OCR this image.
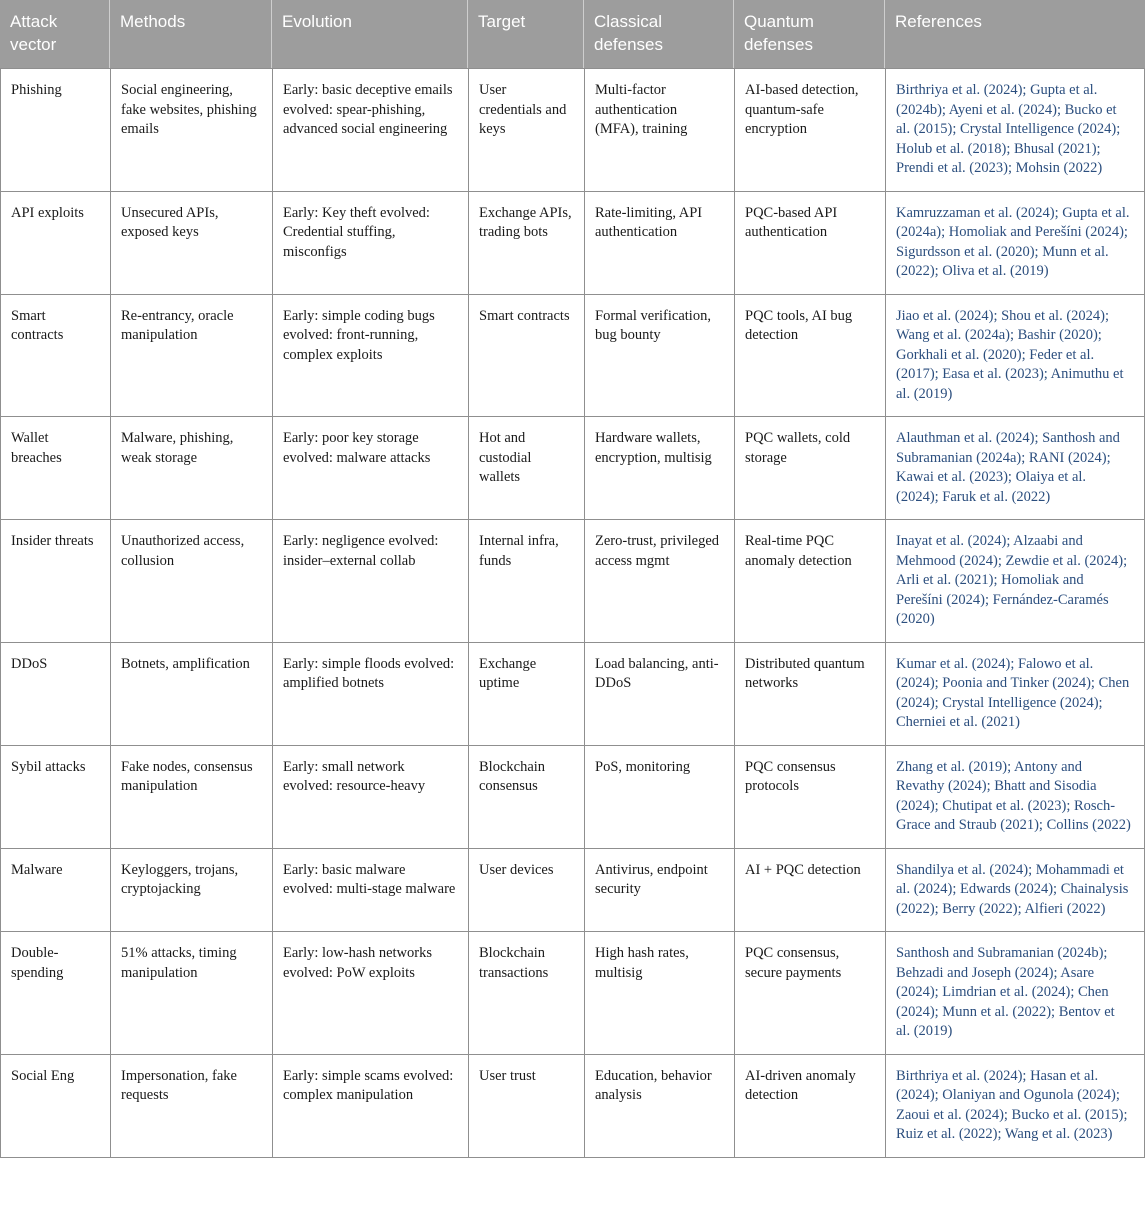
Attack vector	Methods	Evolution	Target	Classical defenses	Quantum defenses	References
Phishing	Social engineering, fake websites, phishing emails	Early: basic deceptive emails evolved: spear-phishing, advanced social engineering	User credentials and keys	Multi-factor authentication (MFA), training	AI-based detection, quantum-safe encryption	Birthriya et al. (2024); Gupta et al. (2024b); Ayeni et al. (2024); Bucko et al. (2015); Crystal Intelligence (2024); Holub et al. (2018); Bhusal (2021); Prendi et al. (2023); Mohsin (2022)
API exploits	Unsecured APIs, exposed keys	Early: Key theft evolved: Credential stuffing, misconfigs	Exchange APIs, trading bots	Rate-limiting, API authentication	PQC-based API authentication	Kamruzzaman et al. (2024); Gupta et al. (2024a); Homoliak and Perešíni (2024); Sigurdsson et al. (2020); Munn et al. (2022); Oliva et al. (2019)
Smart contracts	Re-entrancy, oracle manipulation	Early: simple coding bugs evolved: front-running, complex exploits	Smart contracts	Formal verification, bug bounty	PQC tools, AI bug detection	Jiao et al. (2024); Shou et al. (2024); Wang et al. (2024a); Bashir (2020); Gorkhali et al. (2020); Feder et al. (2017); Easa et al. (2023); Animuthu et al. (2019)
Wallet breaches	Malware, phishing, weak storage	Early: poor key storage evolved: malware attacks	Hot and custodial wallets	Hardware wallets, encryption, multisig	PQC wallets, cold storage	Alauthman et al. (2024); Santhosh and Subramanian (2024a); RANI (2024); Kawai et al. (2023); Olaiya et al. (2024); Faruk et al. (2022)
Insider threats	Unauthorized access, collusion	Early: negligence evolved: insider–external collab	Internal infra, funds	Zero-trust, privileged access mgmt	Real-time PQC anomaly detection	Inayat et al. (2024); Alzaabi and Mehmood (2024); Zewdie et al. (2024); Arli et al. (2021); Homoliak and Perešíni (2024); Fernández-Caramés (2020)
DDoS	Botnets, amplification	Early: simple floods evolved: amplified botnets	Exchange uptime	Load balancing, anti-DDoS	Distributed quantum networks	Kumar et al. (2024); Falowo et al. (2024); Poonia and Tinker (2024); Chen (2024); Crystal Intelligence (2024); Cherniei et al. (2021)
Sybil attacks	Fake nodes, consensus manipulation	Early: small network evolved: resource-heavy	Blockchain consensus	PoS, monitoring	PQC consensus protocols	Zhang et al. (2019); Antony and Revathy (2024); Bhatt and Sisodia (2024); Chutipat et al. (2023); Rosch-Grace and Straub (2021); Collins (2022)
Malware	Keyloggers, trojans, cryptojacking	Early: basic malware evolved: multi-stage malware	User devices	Antivirus, endpoint security	AI + PQC detection	Shandilya et al. (2024); Mohammadi et al. (2024); Edwards (2024); Chainalysis (2022); Berry (2022); Alfieri (2022)
Double-spending	51% attacks, timing manipulation	Early: low-hash networks evolved: PoW exploits	Blockchain transactions	High hash rates, multisig	PQC consensus, secure payments	Santhosh and Subramanian (2024b); Behzadi and Joseph (2024); Asare (2024); Limdrian et al. (2024); Chen (2024); Munn et al. (2022); Bentov et al. (2019)
Social Eng	Impersonation, fake requests	Early: simple scams evolved: complex manipulation	User trust	Education, behavior analysis	AI-driven anomaly detection	Birthriya et al. (2024); Hasan et al. (2024); Olaniyan and Ogunola (2024); Zaoui et al. (2024); Bucko et al. (2015); Ruiz et al. (2022); Wang et al. (2023)
